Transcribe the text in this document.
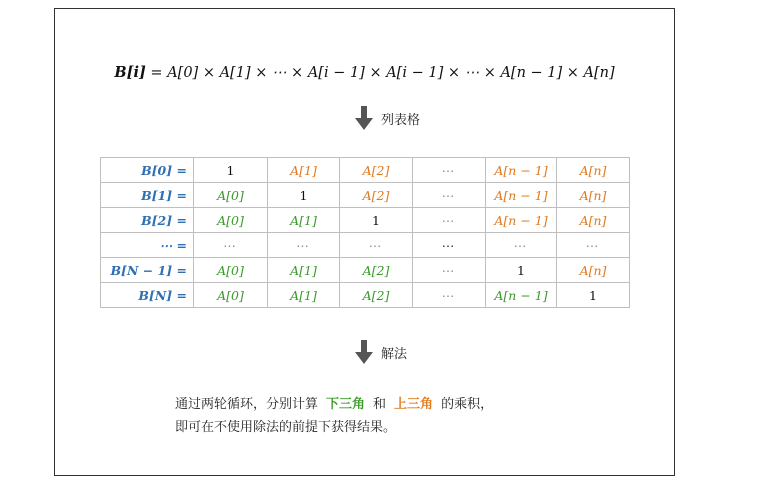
B[i] = A[0] × A[1] × ⋯ × A[i − 1] × A[i − 1] × ⋯ × A[n − 1] × A[n]
列表格
B[0] =	1	A[1]	A[2]	⋯	A[n − 1]	A[n]
B[1] =	A[0]	1	A[2]	⋯	A[n − 1]	A[n]
B[2] =	A[0]	A[1]	1	⋯	A[n − 1]	A[n]
⋯ =	⋯	⋯	⋯	⋯	⋯	⋯
B[N − 1] =	A[0]	A[1]	A[2]	⋯	1	A[n]
B[N] =	A[0]	A[1]	A[2]	⋯	A[n − 1]	1
解法
通过两轮循环，分别计算 下三角 和 上三角 的乘积，
即可在不使用除法的前提下获得结果。
